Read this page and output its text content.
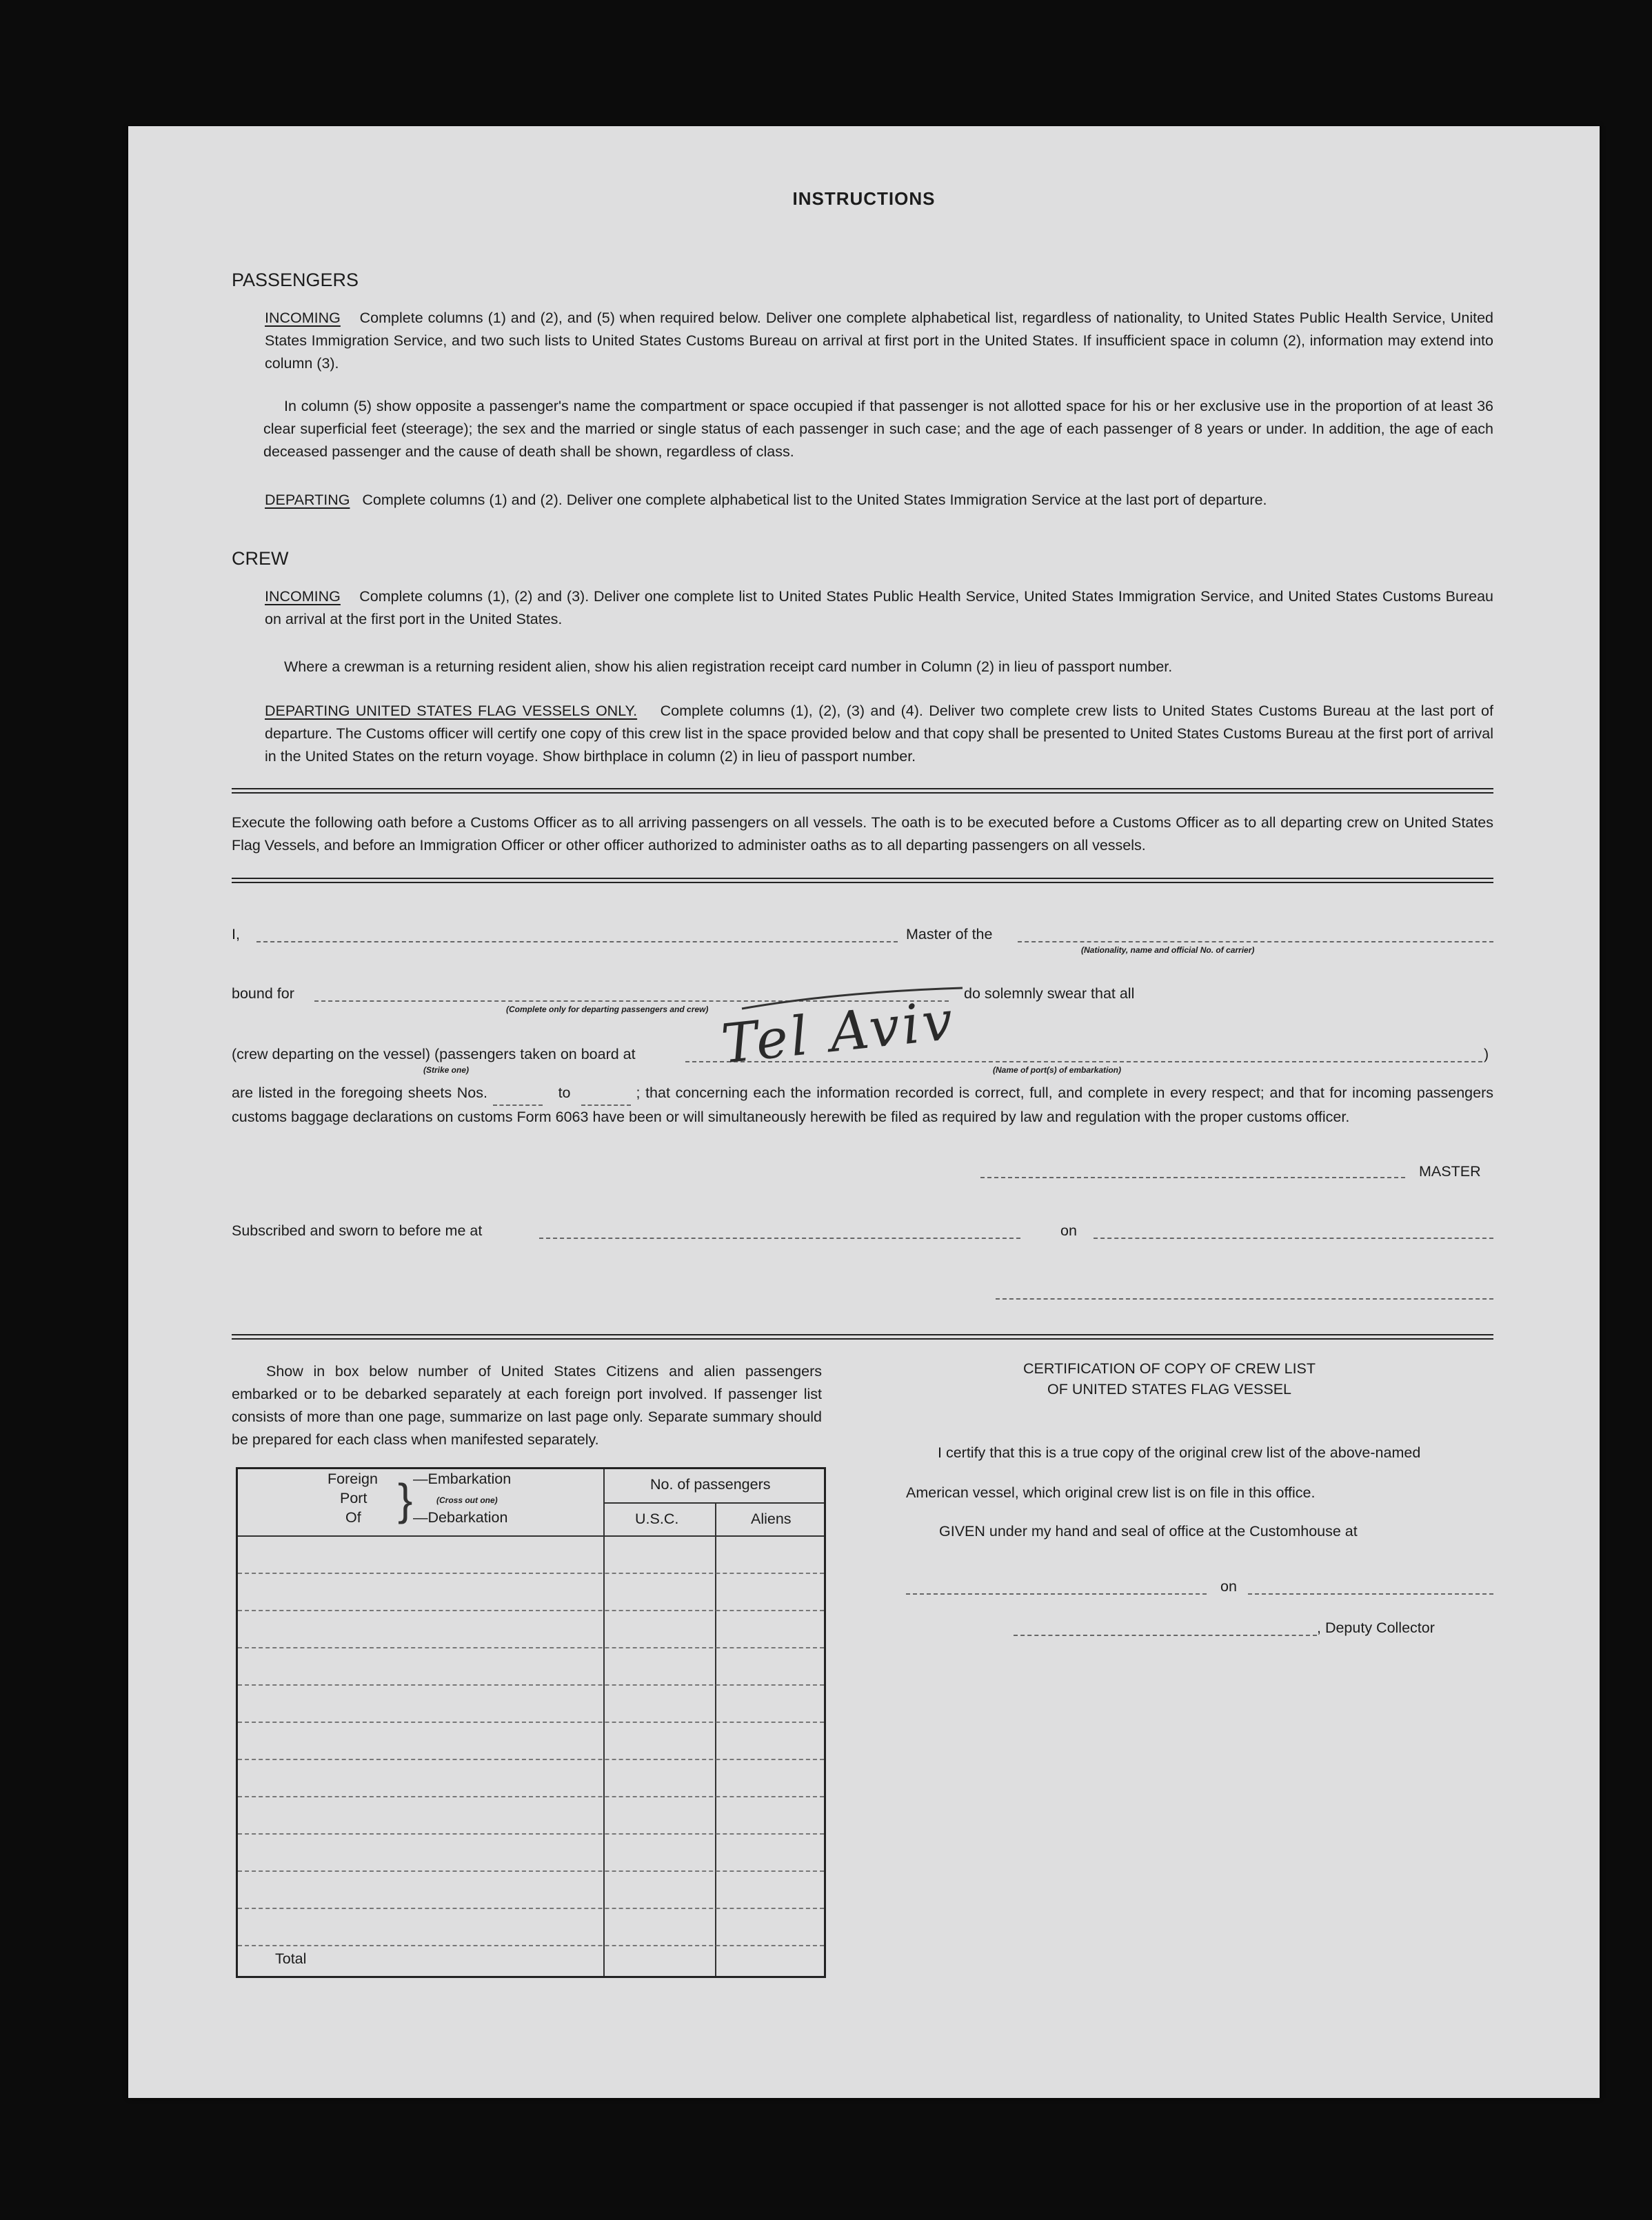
INSTRUCTIONS
PASSENGERS

INCOMING Complete columns (1) and (2), and (5) when required below. Deliver one complete alphabetical list, regardless of nationality, to United States Public Health Service, United States Immigration Service, and two such lists to United States Customs Bureau on arrival at first port in the United States. If insufficient space in column (2), information may extend into column (3).

In column (5) show opposite a passenger's name the compartment or space occupied if that passenger is not allotted space for his or her exclusive use in the proportion of at least 36 clear superficial feet (steerage); the sex and the married or single status of each passenger in such case; and the age of each passenger of 8 years or under. In addition, the age of each deceased passenger and the cause of death shall be shown, regardless of class.

DEPARTING Complete columns (1) and (2). Deliver one complete alphabetical list to the United States Immigration Service at the last port of departure.

CREW

INCOMING Complete columns (1), (2) and (3). Deliver one complete list to United States Public Health Service, United States Immigration Service, and United States Customs Bureau on arrival at the first port in the United States.

Where a crewman is a returning resident alien, show his alien registration receipt card number in Column (2) in lieu of passport number.

DEPARTING UNITED STATES FLAG VESSELS ONLY. Complete columns (1), (2), (3) and (4). Deliver two complete crew lists to United States Customs Bureau at the last port of departure. The Customs officer will certify one copy of this crew list in the space provided below and that copy shall be presented to United States Customs Bureau at the first port of arrival in the United States on the return voyage. Show birthplace in column (2) in lieu of passport number.

Execute the following oath before a Customs Officer as to all arriving passengers on all vessels. The oath is to be executed before a Customs Officer as to all departing crew on United States Flag Vessels, and before an Immigration Officer or other officer authorized to administer oaths as to all departing passengers on all vessels.

I,	Master of the
(Nationality, name and official No. of carrier)
bound for
(Complete only for departing passengers and crew)
do solemnly swear that all
(crew departing on the vessel) (passengers taken on board at	)
(Strike one)	(Name of port(s) of embarkation)
Tel Aviv

are listed in the foregoing sheets Nos.	to	; that concerning each the information recorded is correct, full, and complete in every respect; and that for incoming passengers customs baggage declarations on customs Form 6063 have been or will simultaneously herewith be filed as required by law and regulation with the proper customs officer.

MASTER
Subscribed and sworn to before me at	on

Show in box below number of United States Citizens and alien passengers embarked or to be debarked separately at each foreign port involved. If passenger list consists of more than one page, summarize on last page only. Separate summary should be prepared for each class when manifested separately.

Foreign
Port
Of } —Embarkation
(Cross out one)
—Debarkation
No. of passengers
U.S.C.	Aliens
Total
CERTIFICATION OF COPY OF CREW LIST
OF UNITED STATES FLAG VESSEL
I certify that this is a true copy of the original crew list of the above-named
American vessel, which original crew list is on file in this office.
GIVEN under my hand and seal of office at the Customhouse at
on
, Deputy Collector
